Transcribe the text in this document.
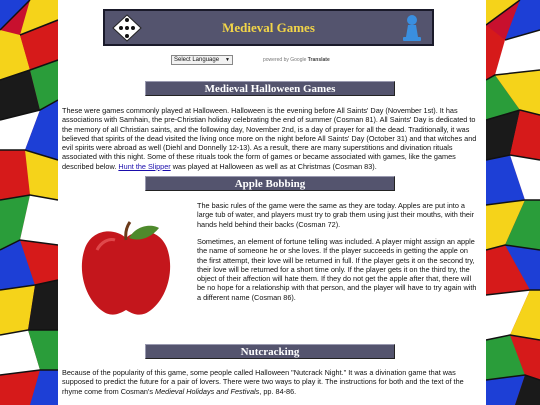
Medieval Games
Select Language ▼	powered by Google Translate
Medieval Halloween Games

These were games commonly played at Halloween. Halloween is the evening before All Saints' Day (November 1st). It has associations with Samhain, the pre-Christian holiday celebrating the end of summer (Cosman 81). All Saints' Day is dedicated to the memory of all Christian saints, and the following day, November 2nd, is a day of prayer for all the dead. Traditionally, it was believed that spirits of the dead visited the living once more on the night before All Saints' Day (October 31) and that witches and evil spirits were abroad as well (Diehl and Donnelly 12-13). As a result, there are many superstitions and divination rituals associated with this night. Some of these rituals took the form of games or became associated with games, like the games described below. Hunt the Slipper was played at Halloween as well as at Christmas (Cosman 83).

Apple Bobbing

The basic rules of the game were the same as they are today. Apples are put into a large tub of water, and players must try to grab them using just their mouths, with their hands held behind their backs (Cosman 72).

Sometimes, an element of fortune telling was included. A player might assign an apple the name of someone he or she loves. If the player succeeds in getting the apple on the first attempt, their love will be returned in full. If the player gets it on the second try, their love will be returned for a short time only. If the player gets it on the third try, the object of their affection will hate them. If they do not get the apple after that, there will be no hope for a relationship with that person, and the player will have to try again with a different name (Cosman 86).

Nutcracking

Because of the popularity of this game, some people called Halloween "Nutcrack Night." It was a divination game that was supposed to predict the future for a pair of lovers. There were two ways to play it. The instructions for both and the text of the rhyme come from Cosman's Medieval Holidays and Festivals, pp. 84-86.
